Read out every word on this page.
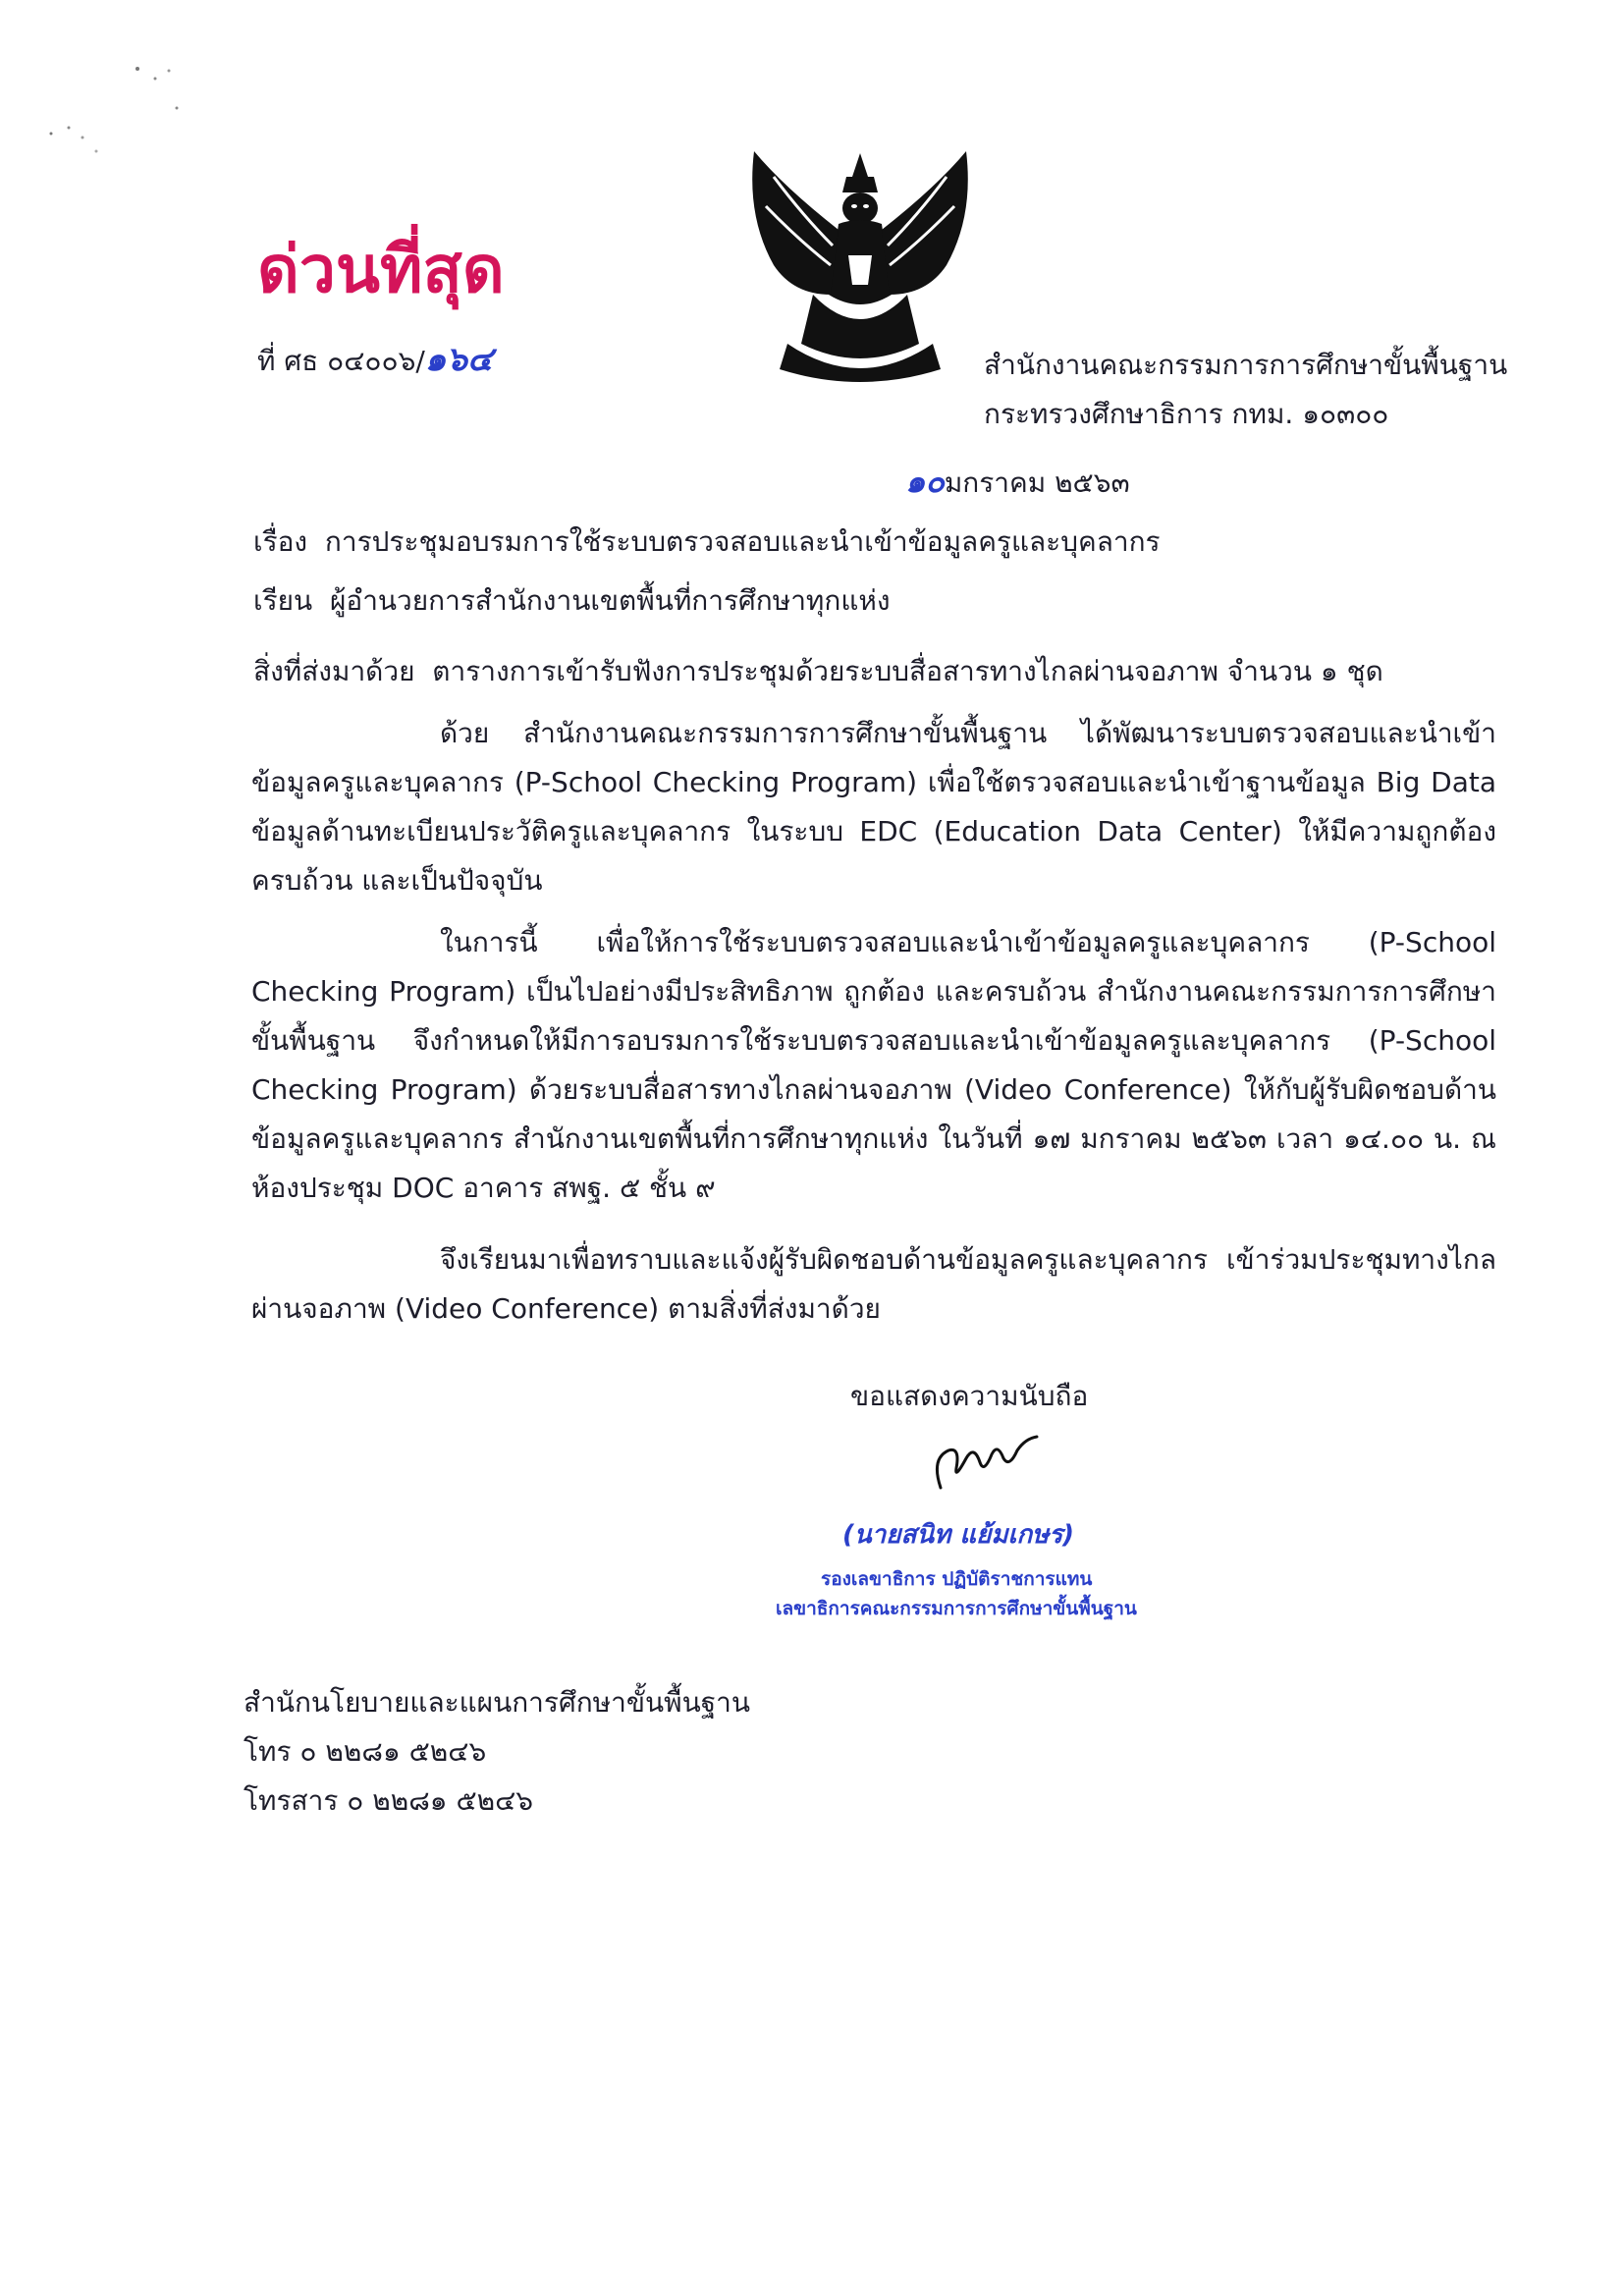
ด่วนที่สุด
ที่ ศธ ๐๔๐๐๖/๑๖๔	สำนักงานคณะกรรมการการศึกษาขั้นพื้นฐาน
กระทรวงศึกษาธิการ กทม. ๑๐๓๐๐
๑๐มกราคม ๒๕๖๓
เรื่อง การประชุมอบรมการใช้ระบบตรวจสอบและนำเข้าข้อมูลครูและบุคลากร
เรียน ผู้อำนวยการสำนักงานเขตพื้นที่การศึกษาทุกแห่ง
สิ่งที่ส่งมาด้วย ตารางการเข้ารับฟังการประชุมด้วยระบบสื่อสารทางไกลผ่านจอภาพ จำนวน ๑ ชุด
ด้วย สำนักงานคณะกรรมการการศึกษาขั้นพื้นฐาน ได้พัฒนาระบบตรวจสอบและนำเข้าข้อมูลครูและบุคลากร (P-School Checking Program) เพื่อใช้ตรวจสอบและนำเข้าฐานข้อมูล Big Data ข้อมูลด้านทะเบียนประวัติครูและบุคลากร ในระบบ EDC (Education Data Center) ให้มีความถูกต้อง ครบถ้วน และเป็นปัจจุบัน
ในการนี้ เพื่อให้การใช้ระบบตรวจสอบและนำเข้าข้อมูลครูและบุคลากร (P-School Checking Program) เป็นไปอย่างมีประสิทธิภาพ ถูกต้อง และครบถ้วน สำนักงานคณะกรรมการการศึกษาขั้นพื้นฐาน จึงกำหนดให้มีการอบรมการใช้ระบบตรวจสอบและนำเข้าข้อมูลครูและบุคลากร (P-School Checking Program) ด้วยระบบสื่อสารทางไกลผ่านจอภาพ (Video Conference) ให้กับผู้รับผิดชอบด้านข้อมูลครูและบุคลากร สำนักงานเขตพื้นที่การศึกษาทุกแห่ง ในวันที่ ๑๗ มกราคม ๒๕๖๓ เวลา ๑๔.๐๐ น. ณ ห้องประชุม DOC อาคาร สพฐ. ๕ ชั้น ๙
จึงเรียนมาเพื่อทราบและแจ้งผู้รับผิดชอบด้านข้อมูลครูและบุคลากร เข้าร่วมประชุมทางไกลผ่านจอภาพ (Video Conference) ตามสิ่งที่ส่งมาด้วย
ขอแสดงความนับถือ
(นายสนิท แย้มเกษร)
รองเลขาธิการ ปฏิบัติราชการแทน
เลขาธิการคณะกรรมการการศึกษาขั้นพื้นฐาน
สำนักนโยบายและแผนการศึกษาขั้นพื้นฐาน
โทร ๐ ๒๒๘๑ ๕๒๔๖
โทรสาร ๐ ๒๒๘๑ ๕๒๔๖
